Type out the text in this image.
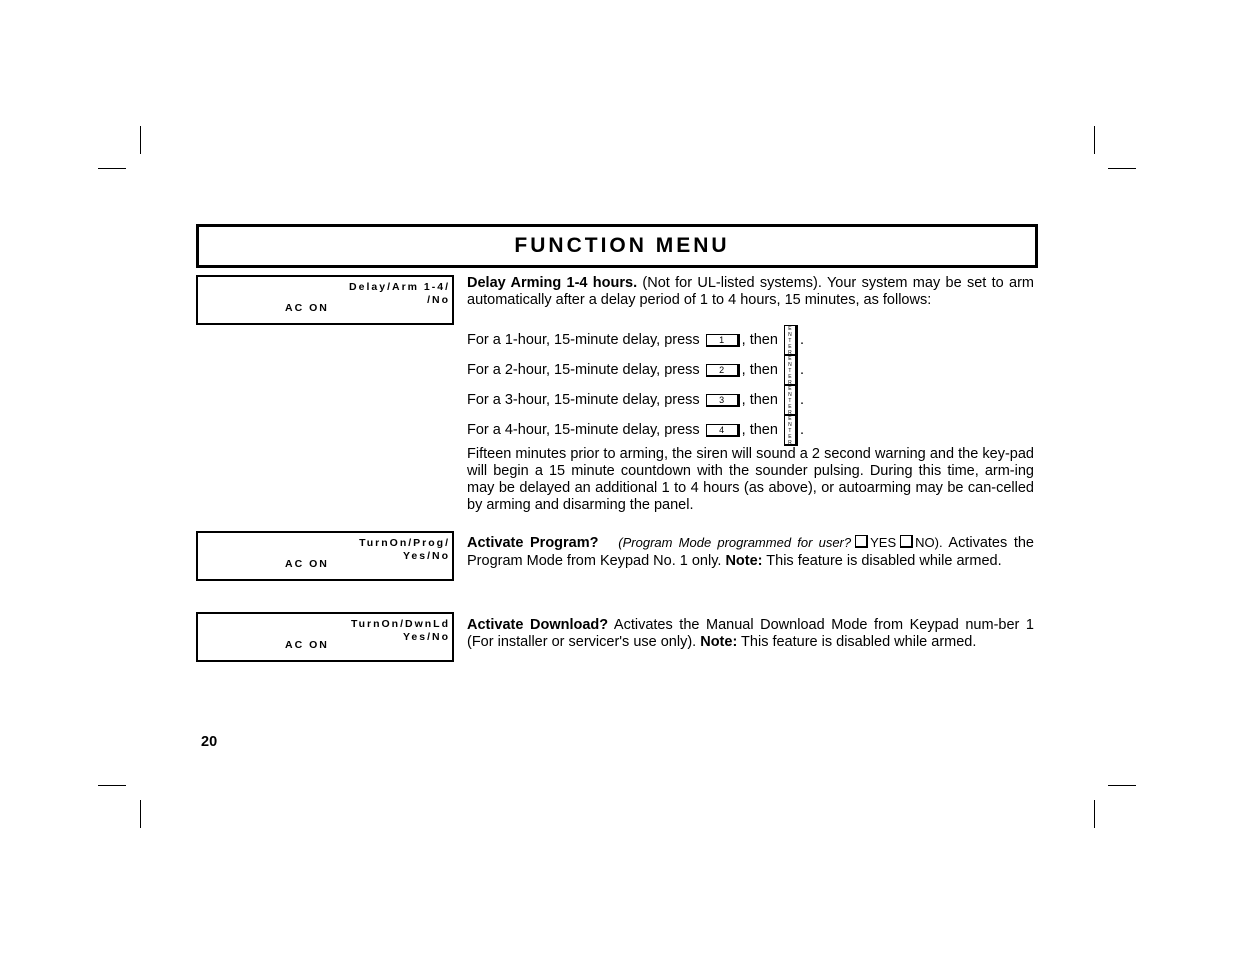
FUNCTION MENU
Delay/Arm 1-4/
/No
AC ON
TurnOn/Prog/
Yes/No
AC ON
TurnOn/DwnLd
Yes/No
AC ON

Delay Arming 1-4 hours. (Not for UL-listed systems). Your system may be set to arm automatically after a delay period of 1 to 4 hours, 15 minutes, as follows:

For a 1-hour, 15-minute delay, press	1	, then
E
N
T
E
R
.
For a 2-hour, 15-minute delay, press	2	, then
E
N
T
E
R
.
For a 3-hour, 15-minute delay, press	3	, then
E
N
T
E
R
.
For a 4-hour, 15-minute delay, press	4	, then
E
N
T
E
R
.

Fifteen minutes prior to arming, the siren will sound a 2 second warning and the key-pad will begin a 15 minute countdown with the sounder pulsing. During this time, arm-ing may be delayed an additional 1 to 4 hours (as above), or autoarming may be can-celled by arming and disarming the panel.

Activate Program? (Program Mode programmed for user? YES NO). Activates the Program Mode from Keypad No. 1 only. Note: This feature is disabled while armed.

Activate Download? Activates the Manual Download Mode from Keypad num-ber 1 (For installer or servicer's use only). Note: This feature is disabled while armed.

20
